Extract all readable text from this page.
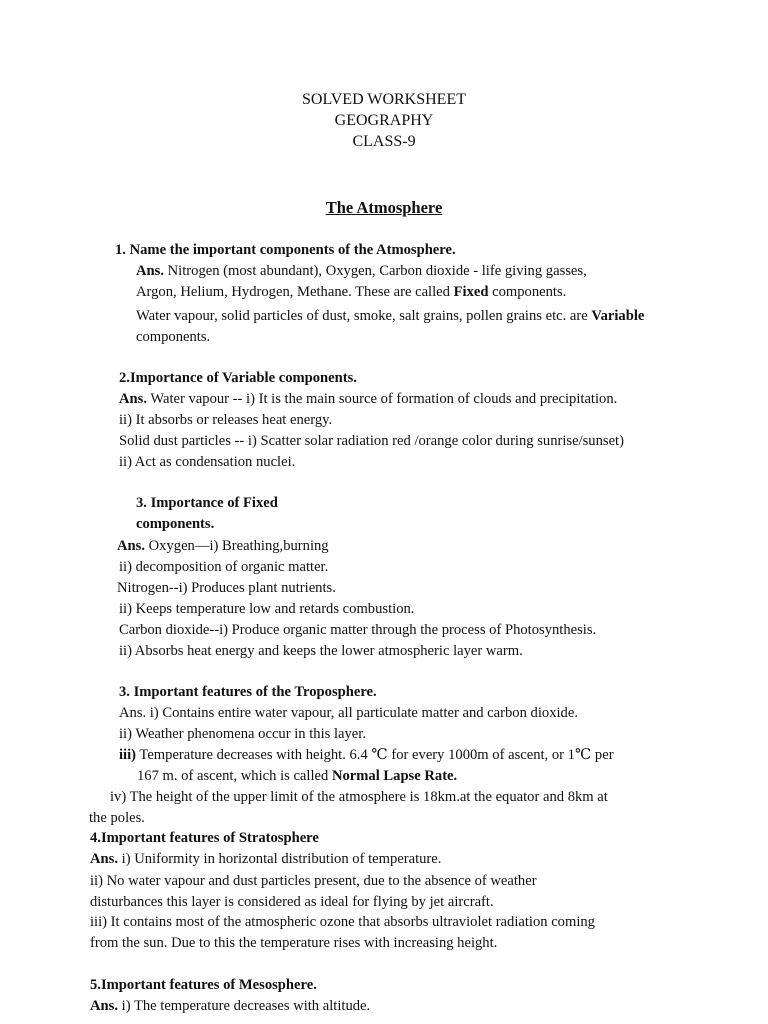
SOLVED WORKSHEET
GEOGRAPHY
CLASS-9
The Atmosphere
1. Name the important components of the Atmosphere.
Ans. Nitrogen (most abundant), Oxygen, Carbon dioxide - life giving gasses,
Argon, Helium, Hydrogen, Methane. These are called Fixed components.
Water vapour, solid particles of dust, smoke, salt grains, pollen grains etc. are Variable
components.
2.Importance of Variable components.
Ans. Water vapour -- i) It is the main source of formation of clouds and precipitation.
ii) It absorbs or releases heat energy.
Solid dust particles -- i) Scatter solar radiation red /orange color during sunrise/sunset)
ii) Act as condensation nuclei.
3. Importance of Fixed
components.
Ans. Oxygen—i) Breathing,burning
ii) decomposition of organic matter.
Nitrogen--i) Produces plant nutrients.
ii) Keeps temperature low and retards combustion.
Carbon dioxide--i) Produce organic matter through the process of Photosynthesis.
ii) Absorbs heat energy and keeps the lower atmospheric layer warm.
3. Important features of the Troposphere.
Ans. i) Contains entire water vapour, all particulate matter and carbon dioxide.
ii) Weather phenomena occur in this layer.
iii) Temperature decreases with height. 6.4 ℃ for every 1000m of ascent, or 1℃ per
167 m. of ascent, which is called Normal Lapse Rate.
iv) The height of the upper limit of the atmosphere is 18km.at the equator and 8km at
the poles.
4.Important features of Stratosphere
Ans. i) Uniformity in horizontal distribution of temperature.
ii) No water vapour and dust particles present, due to the absence of weather
disturbances this layer is considered as ideal for flying by jet aircraft.
iii) It contains most of the atmospheric ozone that absorbs ultraviolet radiation coming
from the sun. Due to this the temperature rises with increasing height.
5.Important features of Mesosphere.
Ans. i) The temperature decreases with altitude.
